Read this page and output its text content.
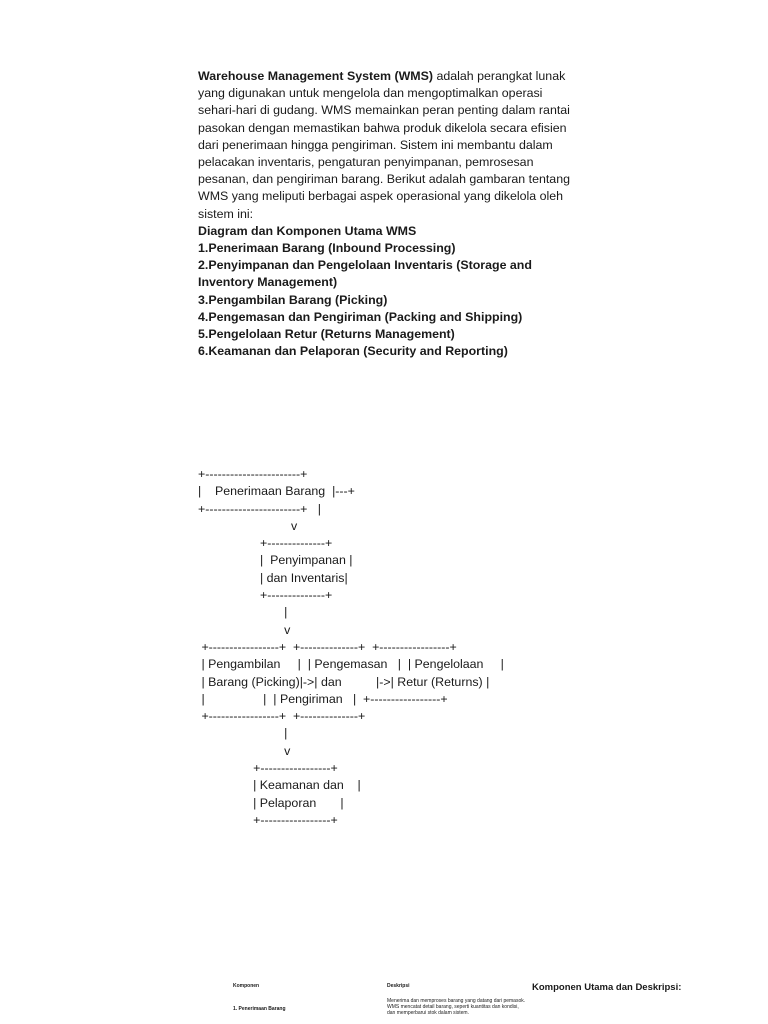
Warehouse Management System (WMS) adalah perangkat lunak yang digunakan untuk mengelola dan mengoptimalkan operasi sehari-hari di gudang. WMS memainkan peran penting dalam rantai pasokan dengan memastikan bahwa produk dikelola secara efisien dari penerimaan hingga pengiriman. Sistem ini membantu dalam pelacakan inventaris, pengaturan penyimpanan, pemrosesan pesanan, dan pengiriman barang. Berikut adalah gambaran tentang WMS yang meliputi berbagai aspek operasional yang dikelola oleh sistem ini:

Diagram dan Komponen Utama WMS

1.Penerimaan Barang (Inbound Processing)

2.Penyimpanan dan Pengelolaan Inventaris (Storage and Inventory Management)

3.Pengambilan Barang (Picking)

4.Pengemasan dan Pengiriman (Packing and Shipping)

5.Pengelolaan Retur (Returns Management)

6.Keamanan dan Pelaporan (Security and Reporting)

+-----------------------+
|    Penerimaan Barang  |---+
+-----------------------+   |
v
+--------------+
|  Penyimpanan |
| dan Inventaris|
+--------------+
|
v
+-----------------+  +--------------+  +-----------------+
| Pengambilan     |  | Pengemasan   |  | Pengelolaan     |
| Barang (Picking)|->| dan          |->| Retur (Returns) |
|                 |  | Pengiriman   |  +-----------------+
+-----------------+  +--------------+
|
v
+-----------------+
| Keamanan dan    |
| Pelaporan       |
+-----------------+
Komponen	Deskripsi	Komponen Utama dan Deskripsi:
1. Penerimaan Barang
Menerima dan memproses barang yang datang dari pemasok. WMS mencatat detail barang, seperti kuantitas dan kondisi, dan memperbarui stok dalam sistem.
